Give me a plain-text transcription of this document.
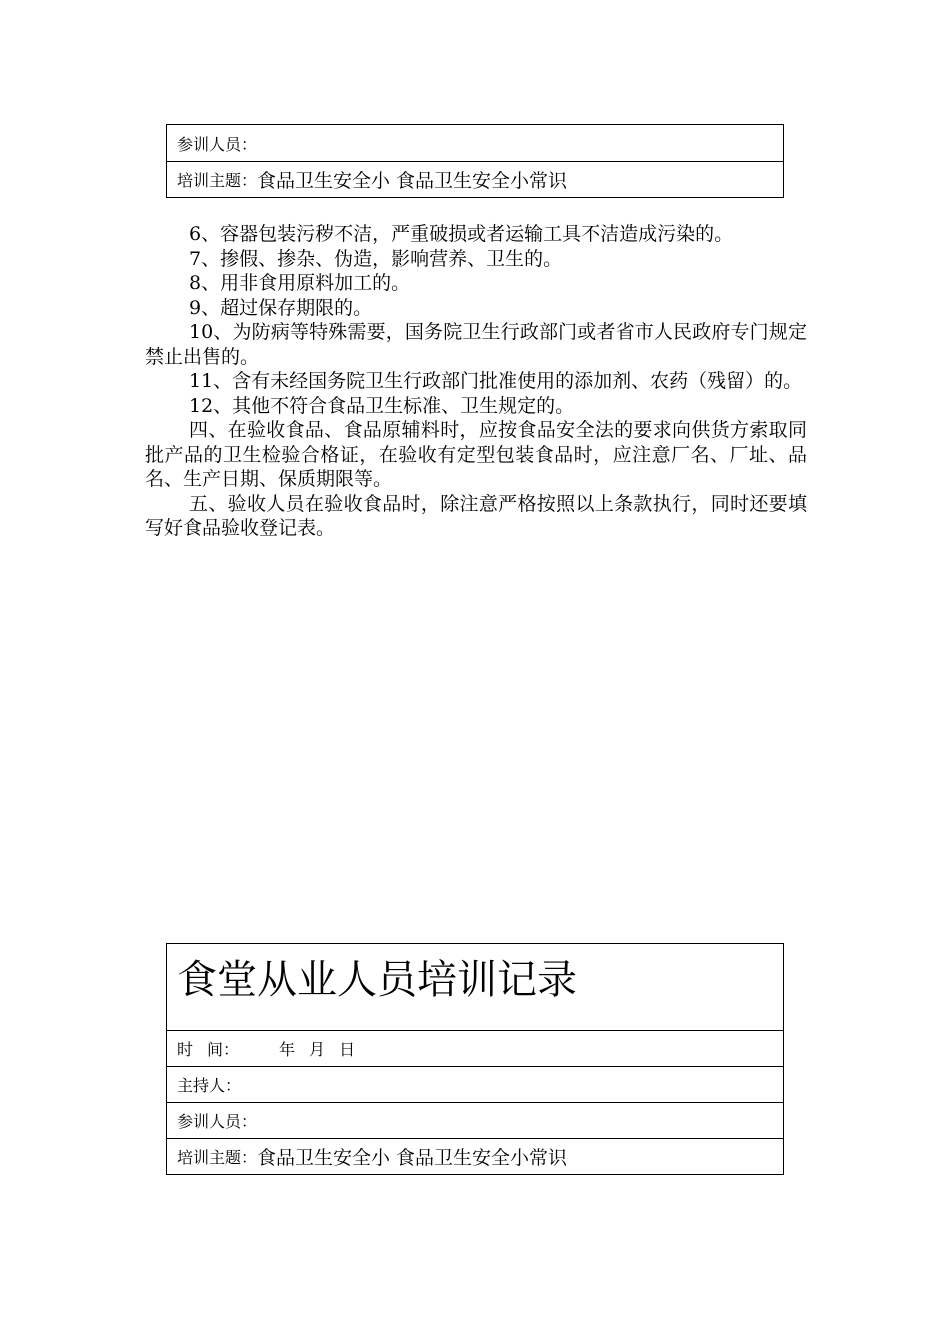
参训人员：
培训主题： 食品卫生安全小 食品卫生安全小常识

6、容器包装污秽不洁，严重破损或者运输工具不洁造成污染的。

7、掺假、掺杂、伪造，影响营养、卫生的。

8、用非食用原料加工的。

9、超过保存期限的。

10、为防病等特殊需要，国务院卫生行政部门或者省市人民政府专门规定禁止出售的。

11、含有未经国务院卫生行政部门批准使用的添加剂、农药（残留）的。

12、其他不符合食品卫生标准、卫生规定的。

四、在验收食品、食品原辅料时，应按食品安全法的要求向供货方索取同批产品的卫生检验合格证，在验收有定型包装食品时，应注意厂名、厂址、品名、生产日期、保质期限等。

五、验收人员在验收食品时，除注意严格按照以上条款执行，同时还要填写好食品验收登记表。

食堂从业人员培训记录
时 间：	年 月 日
主持人：
参训人员：
培训主题： 食品卫生安全小 食品卫生安全小常识
